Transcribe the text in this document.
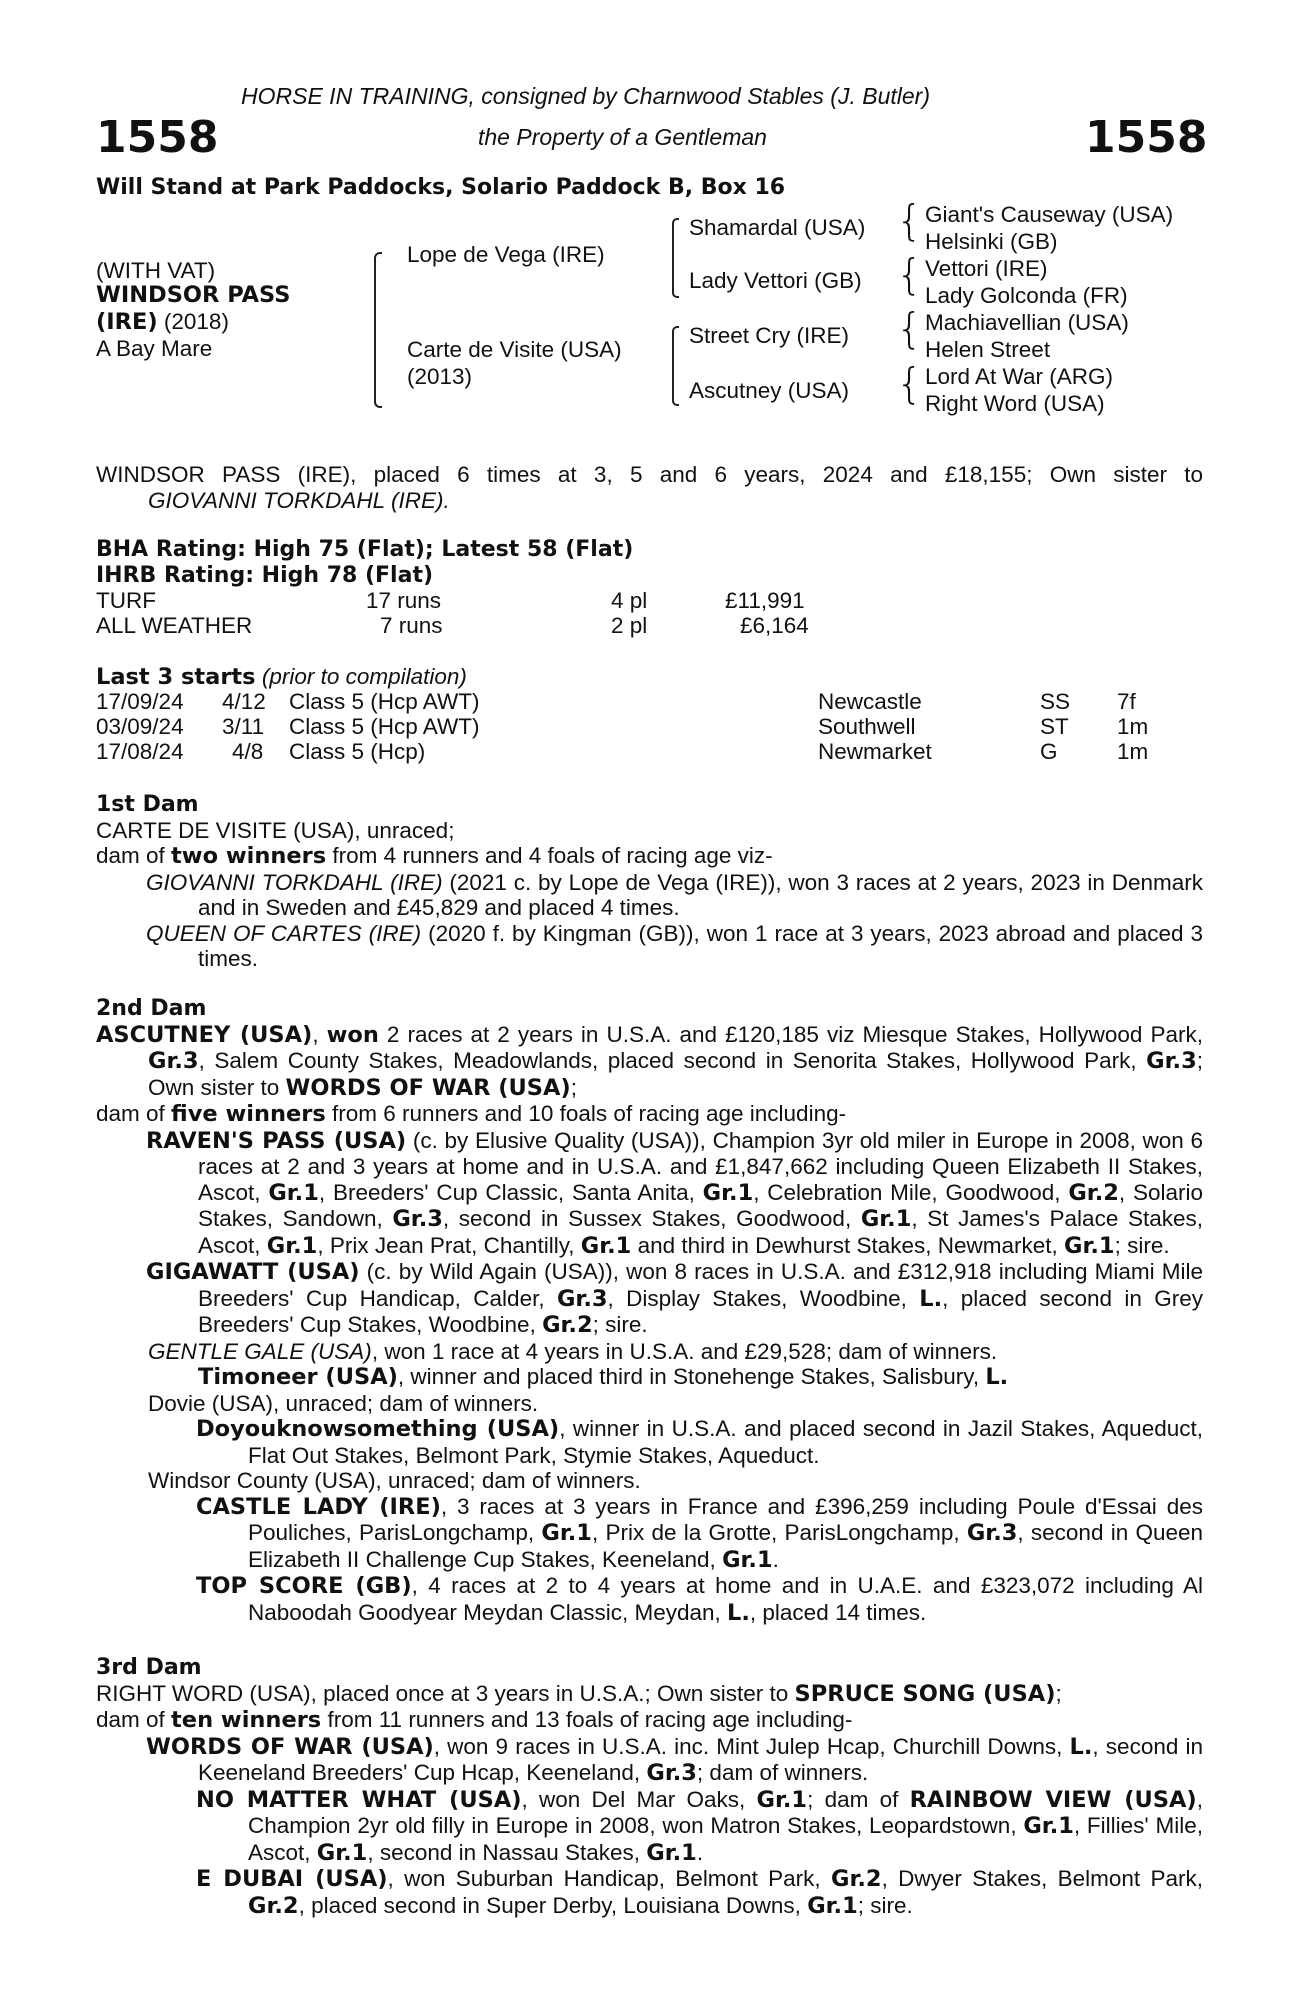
HORSE IN TRAINING, consigned by Charnwood Stables (J. Butler)
1558	the Property of a Gentleman	1558
Will Stand at Park Paddocks, Solario Paddock B, Box 16
(WITH VAT)
WINDSOR PASS
(IRE) (2018)
A Bay Mare
Lope de Vega (IRE)
Carte de Visite (USA)
(2013)
Shamardal (USA)
Lady Vettori (GB)
Street Cry (IRE)
Ascutney (USA)
{
{
{
{
Giant's Causeway (USA)
Helsinki (GB)
Vettori (IRE)
Lady Golconda (FR)
Machiavellian (USA)
Helen Street
Lord At War (ARG)
Right Word (USA)

WINDSOR PASS (IRE), placed 6 times at 3, 5 and 6 years, 2024 and £18,155; Own sister to

GIOVANNI TORKDAHL (IRE).

BHA Rating: High 75 (Flat); Latest 58 (Flat)
IHRB Rating: High 78 (Flat)
TURF	17 runs	4 pl	£11,991
ALL WEATHER	7 runs	2 pl	£6,164
Last 3 starts (prior to compilation)
17/09/24 4/12 Class 5 (Hcp AWT)	Newcastle	SS 7f
03/09/24 3/11 Class 5 (Hcp AWT)	Southwell	ST 1m
17/08/24 4/8 Class 5 (Hcp)	Newmarket	G	1m

1st Dam

CARTE DE VISITE (USA), unraced;

dam of two winners from 4 runners and 4 foals of racing age viz-

GIOVANNI TORKDAHL (IRE) (2021 c. by Lope de Vega (IRE)), won 3 races at 2 years, 2023 in Denmark and in Sweden and £45,829 and placed 4 times.

QUEEN OF CARTES (IRE) (2020 f. by Kingman (GB)), won 1 race at 3 years, 2023 abroad and placed 3 times.

2nd Dam

ASCUTNEY (USA), won 2 races at 2 years in U.S.A. and £120,185 viz Miesque Stakes, Hollywood Park, Gr.3, Salem County Stakes, Meadowlands, placed second in Senorita Stakes, Hollywood Park, Gr.3; Own sister to WORDS OF WAR (USA);

dam of five winners from 6 runners and 10 foals of racing age including-

RAVEN'S PASS (USA) (c. by Elusive Quality (USA)), Champion 3yr old miler in Europe in 2008, won 6 races at 2 and 3 years at home and in U.S.A. and £1,847,662 including Queen Elizabeth II Stakes, Ascot, Gr.1, Breeders' Cup Classic, Santa Anita, Gr.1, Celebration Mile, Goodwood, Gr.2, Solario Stakes, Sandown, Gr.3, second in Sussex Stakes, Goodwood, Gr.1, St James's Palace Stakes, Ascot, Gr.1, Prix Jean Prat, Chantilly, Gr.1 and third in Dewhurst Stakes, Newmarket, Gr.1; sire.

GIGAWATT (USA) (c. by Wild Again (USA)), won 8 races in U.S.A. and £312,918 including Miami Mile Breeders' Cup Handicap, Calder, Gr.3, Display Stakes, Woodbine, L., placed second in Grey Breeders' Cup Stakes, Woodbine, Gr.2; sire.

GENTLE GALE (USA), won 1 race at 4 years in U.S.A. and £29,528; dam of winners.

Timoneer (USA), winner and placed third in Stonehenge Stakes, Salisbury, L.

Dovie (USA), unraced; dam of winners.

Doyouknowsomething (USA), winner in U.S.A. and placed second in Jazil Stakes, Aqueduct, Flat Out Stakes, Belmont Park, Stymie Stakes, Aqueduct.

Windsor County (USA), unraced; dam of winners.

CASTLE LADY (IRE), 3 races at 3 years in France and £396,259 including Poule d'Essai des Pouliches, ParisLongchamp, Gr.1, Prix de la Grotte, ParisLongchamp, Gr.3, second in Queen Elizabeth II Challenge Cup Stakes, Keeneland, Gr.1.

TOP SCORE (GB), 4 races at 2 to 4 years at home and in U.A.E. and £323,072 including Al Naboodah Goodyear Meydan Classic, Meydan, L., placed 14 times.

3rd Dam

RIGHT WORD (USA), placed once at 3 years in U.S.A.; Own sister to SPRUCE SONG (USA);

dam of ten winners from 11 runners and 13 foals of racing age including-

WORDS OF WAR (USA), won 9 races in U.S.A. inc. Mint Julep Hcap, Churchill Downs, L., second in Keeneland Breeders' Cup Hcap, Keeneland, Gr.3; dam of winners.

NO MATTER WHAT (USA), won Del Mar Oaks, Gr.1; dam of RAINBOW VIEW (USA), Champion 2yr old filly in Europe in 2008, won Matron Stakes, Leopardstown, Gr.1, Fillies' Mile, Ascot, Gr.1, second in Nassau Stakes, Gr.1.

E DUBAI (USA), won Suburban Handicap, Belmont Park, Gr.2, Dwyer Stakes, Belmont Park, Gr.2, placed second in Super Derby, Louisiana Downs, Gr.1; sire.
